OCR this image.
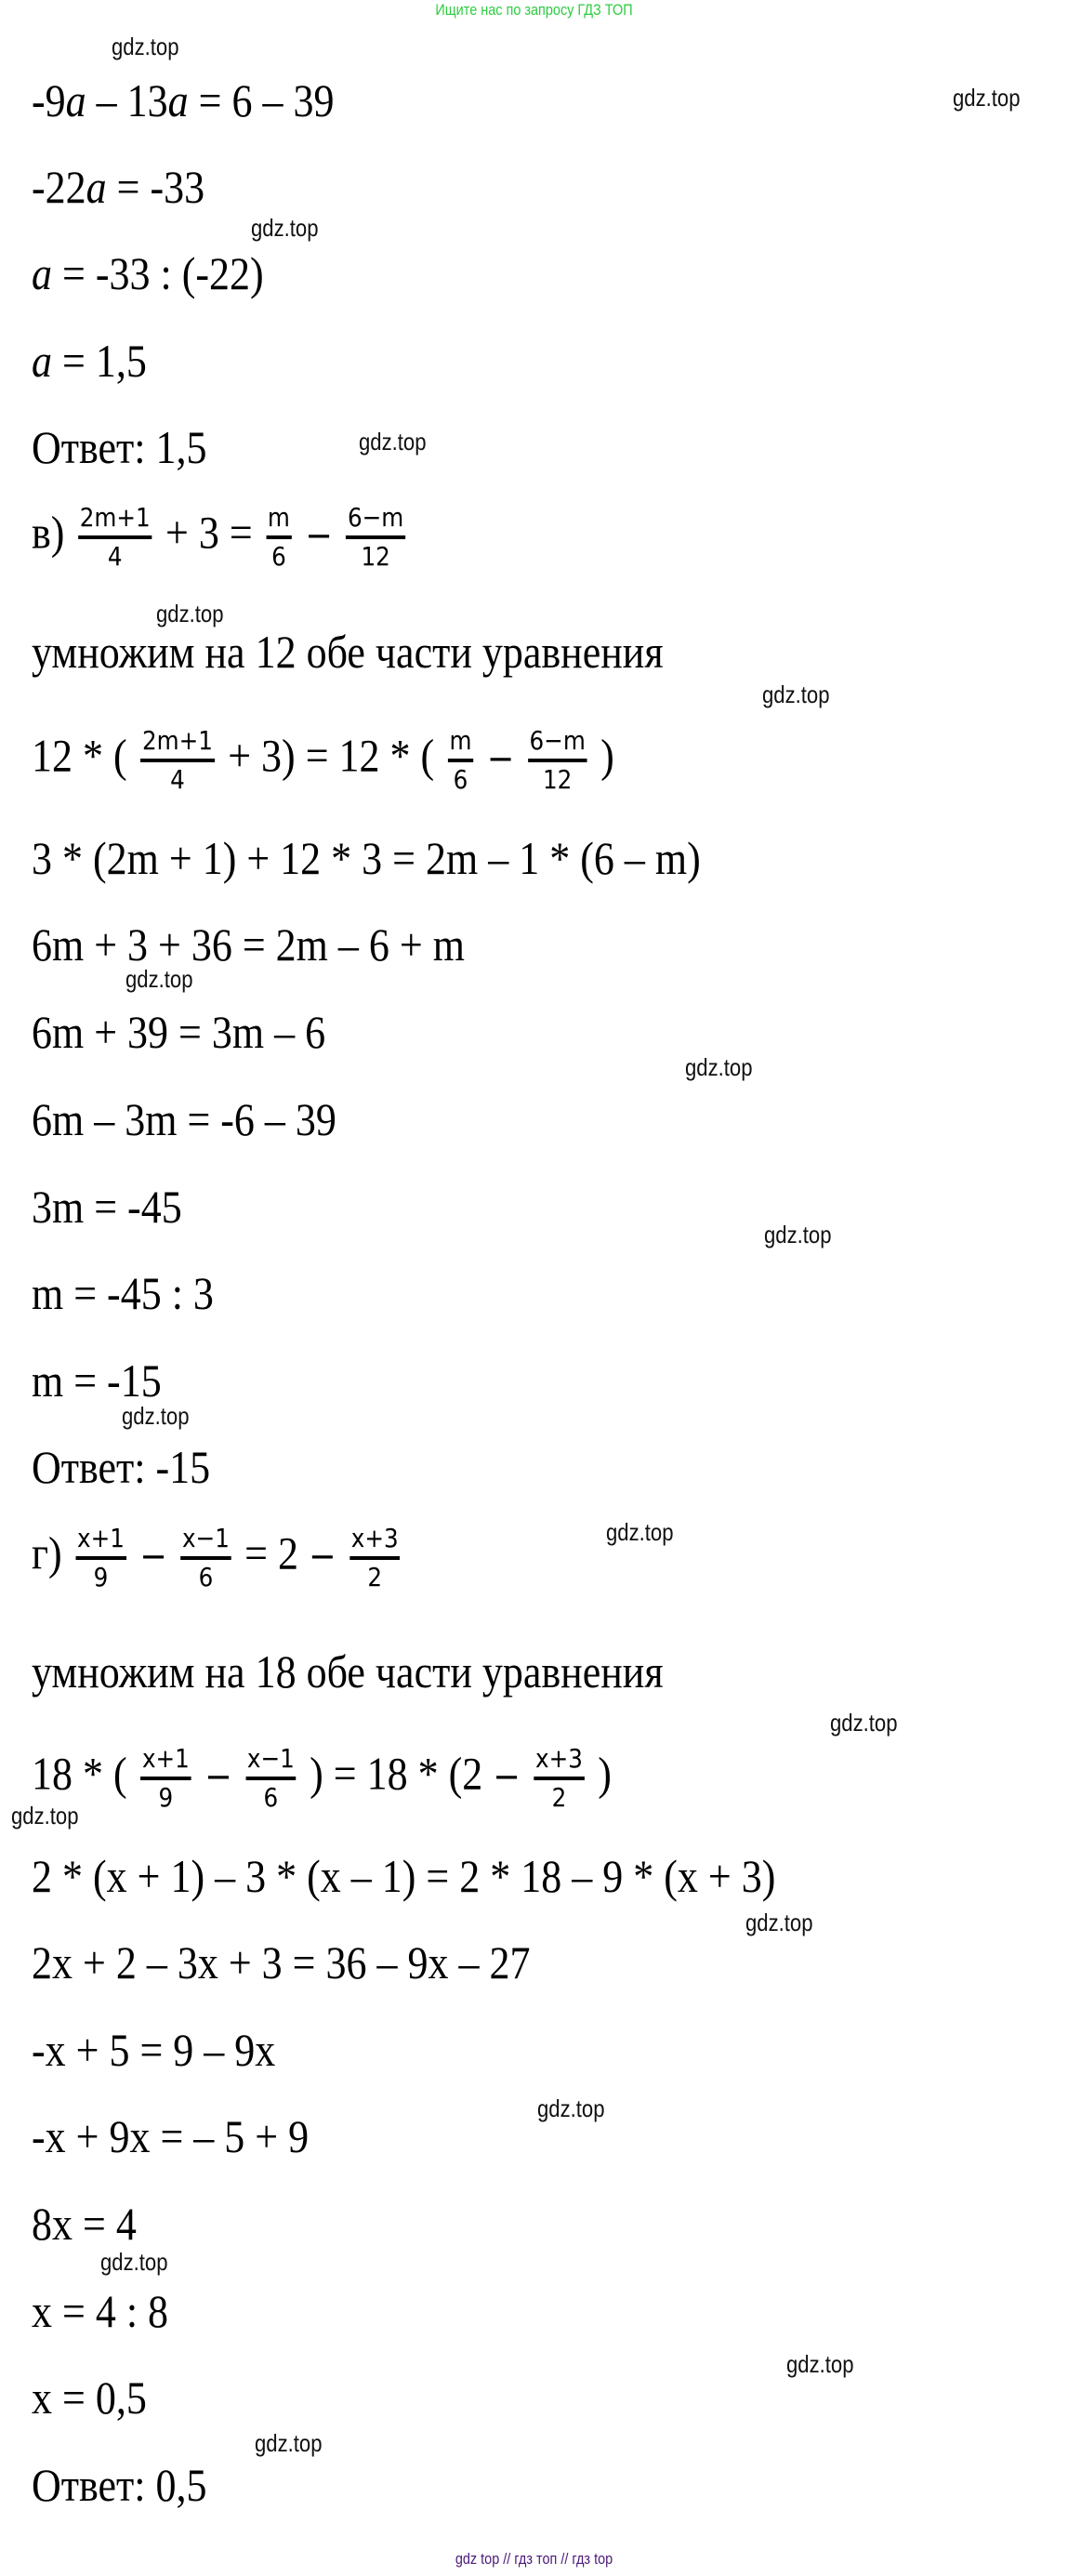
Ищите нас по запросу ГДЗ ТОП
gdz.top
gdz.top
gdz.top
gdz.top
gdz.top
gdz.top
gdz.top
gdz.top
gdz.top
gdz.top
gdz.top
gdz.top
gdz.top
gdz.top
gdz.top
gdz.top
gdz.top
gdz.top
-9a – 13a = 6 – 39
-22a = -33
a = -33 : (-22)
a = 1,5
Ответ: 1,5
$в) \frac{2m+1}{4} + 3 = \frac{m}{6} - \frac{6-m}{12}$
умножим на 12 обе части уравнения
12 * ( $\frac{2m+1}{4} + 3) = 12$ * ( $\frac{m}{6} - \frac{6-m}{12}$ )
3 * (2m + 1) + 12 * 3 = 2m – 1 * (6 – m)
6m + 3 + 36 = 2m – 6 + m
6m + 39 = 3m – 6
6m – 3m = -6 – 39
3m = -45
m = -45 : 3
m = -15
Ответ: -15
$г) \frac{x+1}{9} - \frac{x-1}{6} = 2 - \frac{x+3}{2}$
умножим на 18 обе части уравнения
18 * ( $\frac{x+1}{9} - \frac{x-1}{6}$ ) = $18 * (2 - \frac{x+3}{2}$ )
2 * (x + 1) – 3 * (x – 1) = 2 * 18 – 9 * (x + 3)
2x + 2 – 3x + 3 = 36 – 9x – 27
-x + 5 = 9 – 9x
-x + 9x = – 5 + 9
8x = 4
x = 4 : 8
x = 0,5
Ответ: 0,5
gdz top // гдз топ // гдз top
